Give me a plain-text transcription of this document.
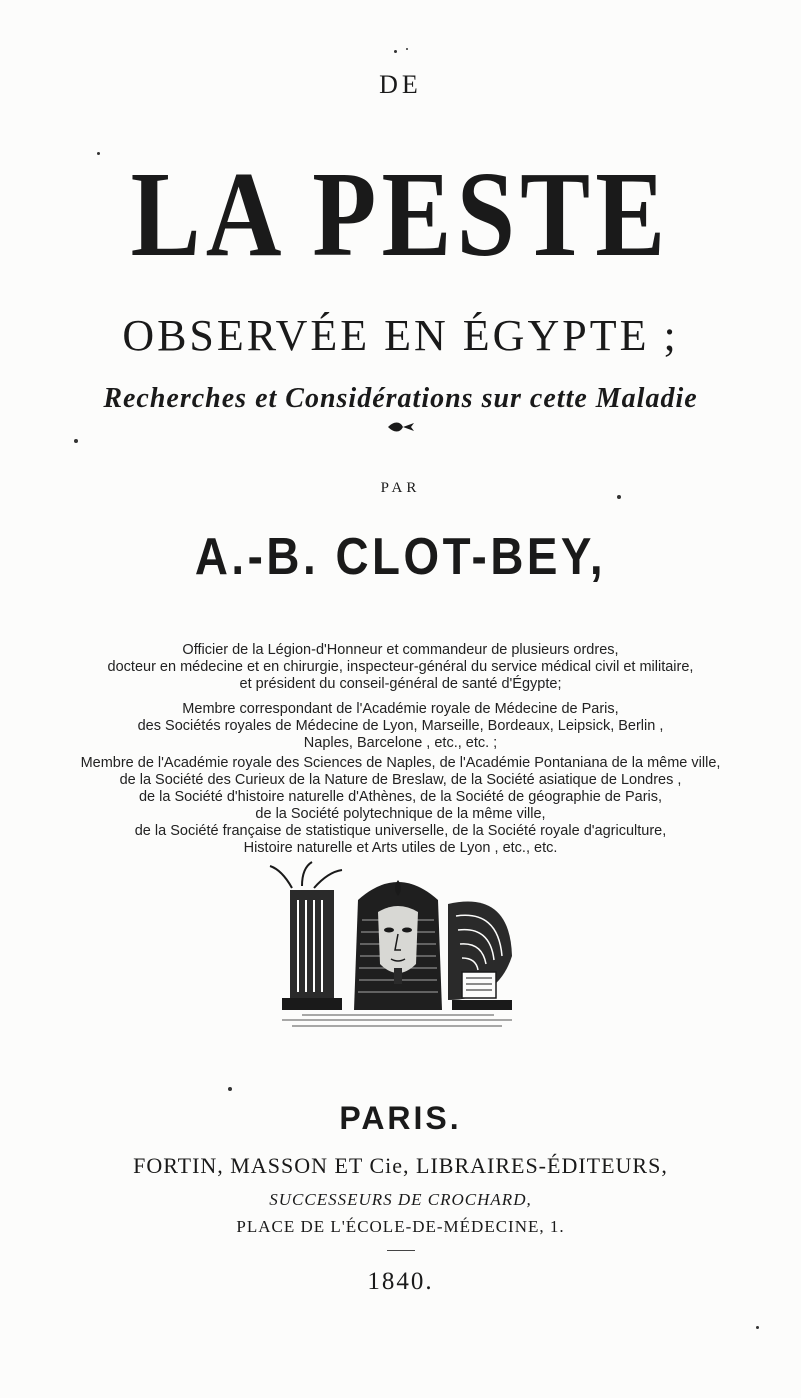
DE
LA PESTE
OBSERVÉE EN ÉGYPTE ;
Recherches et Considérations sur cette Maladie
PAR
A.-B. CLOT-BEY,
Officier de la Légion-d'Honneur et commandeur de plusieurs ordres,
docteur en médecine et en chirurgie, inspecteur-général du service médical civil et militaire,
et président du conseil-général de santé d'Égypte;
Membre correspondant de l'Académie royale de Médecine de Paris,
des Sociétés royales de Médecine de Lyon, Marseille, Bordeaux, Leipsick, Berlin ,
Naples, Barcelone , etc., etc. ;
Membre de l'Académie royale des Sciences de Naples, de l'Académie Pontaniana de la même ville,
de la Société des Curieux de la Nature de Breslaw, de la Société asiatique de Londres ,
de la Société d'histoire naturelle d'Athènes, de la Société de géographie de Paris,
de la Société polytechnique de la même ville,
de la Société française de statistique universelle, de la Société royale d'agriculture,
Histoire naturelle et Arts utiles de Lyon , etc., etc.
PARIS.
FORTIN, MASSON ET Cie, LIBRAIRES-ÉDITEURS,
SUCCESSEURS DE CROCHARD,
PLACE DE L'ÉCOLE-DE-MÉDECINE, 1.
1840.
